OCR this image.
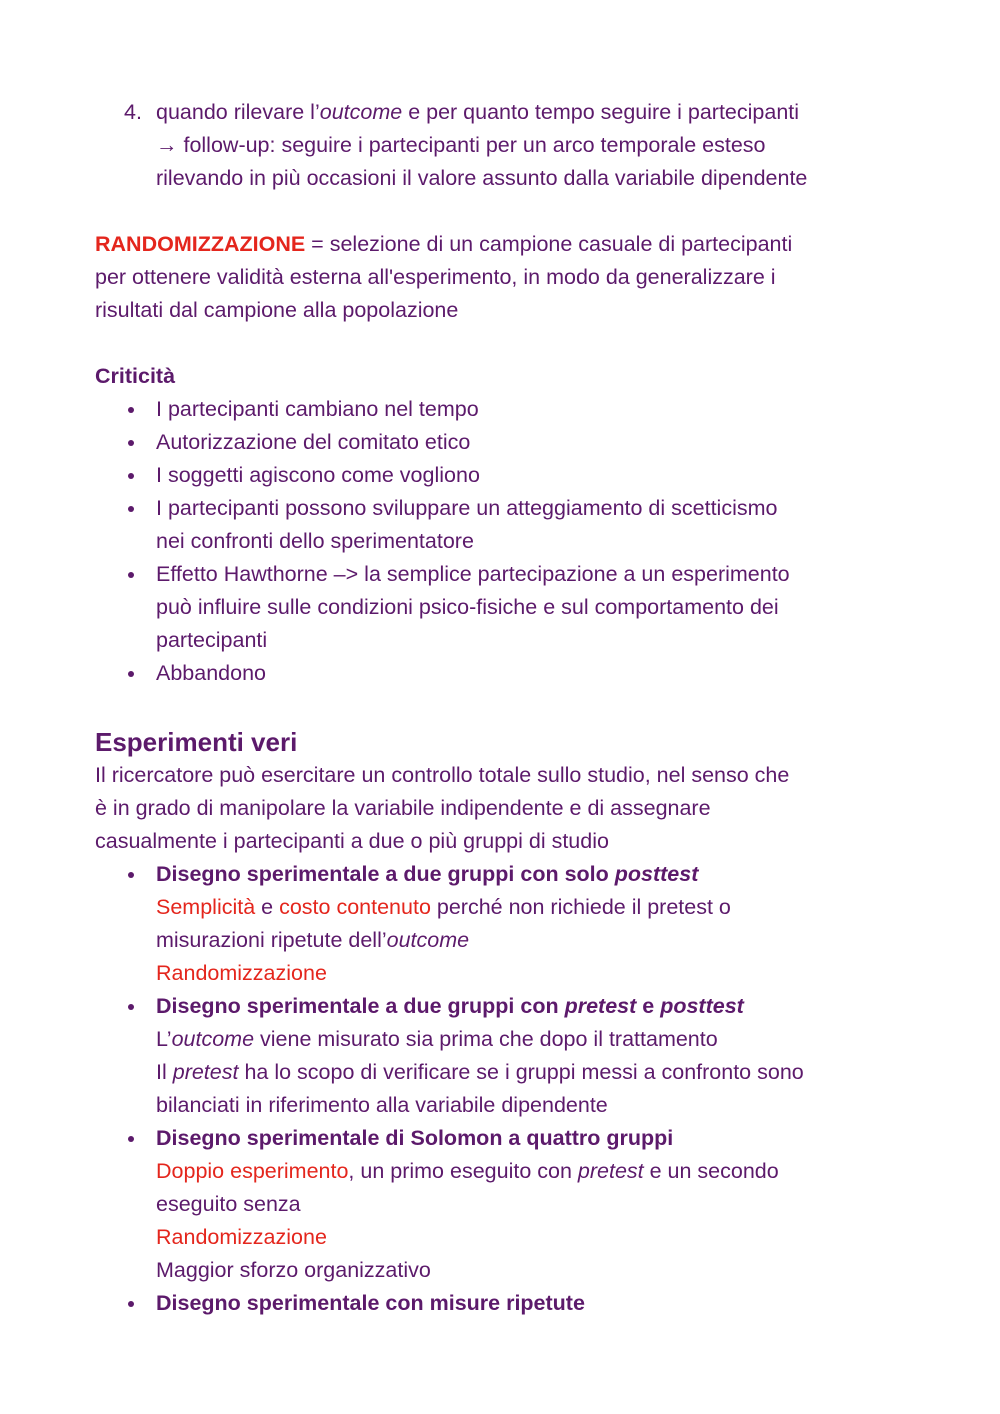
4. quando rilevare l’outcome e per quanto tempo seguire i partecipanti
→ follow-up: seguire i partecipanti per un arco temporale esteso
rilevando in più occasioni il valore assunto dalla variabile dipendente
RANDOMIZZAZIONE = selezione di un campione casuale di partecipanti
per ottenere validità esterna all'esperimento, in modo da generalizzare i
risultati dal campione alla popolazione
Criticità
I partecipanti cambiano nel tempo
Autorizzazione del comitato etico
I soggetti agiscono come vogliono
I partecipanti possono sviluppare un atteggiamento di scetticismo
nei confronti dello sperimentatore
Effetto Hawthorne –> la semplice partecipazione a un esperimento
può influire sulle condizioni psico-fisiche e sul comportamento dei
partecipanti
Abbandono
Esperimenti veri
Il ricercatore può esercitare un controllo totale sullo studio, nel senso che
è in grado di manipolare la variabile indipendente e di assegnare
casualmente i partecipanti a due o più gruppi di studio
Disegno sperimentale a due gruppi con solo posttest
Semplicità e costo contenuto perché non richiede il pretest o
misurazioni ripetute dell’outcome
Randomizzazione
Disegno sperimentale a due gruppi con pretest e posttest
L’outcome viene misurato sia prima che dopo il trattamento
Il pretest ha lo scopo di verificare se i gruppi messi a confronto sono
bilanciati in riferimento alla variabile dipendente
Disegno sperimentale di Solomon a quattro gruppi
Doppio esperimento, un primo eseguito con pretest e un secondo
eseguito senza
Randomizzazione
Maggior sforzo organizzativo
Disegno sperimentale con misure ripetute
